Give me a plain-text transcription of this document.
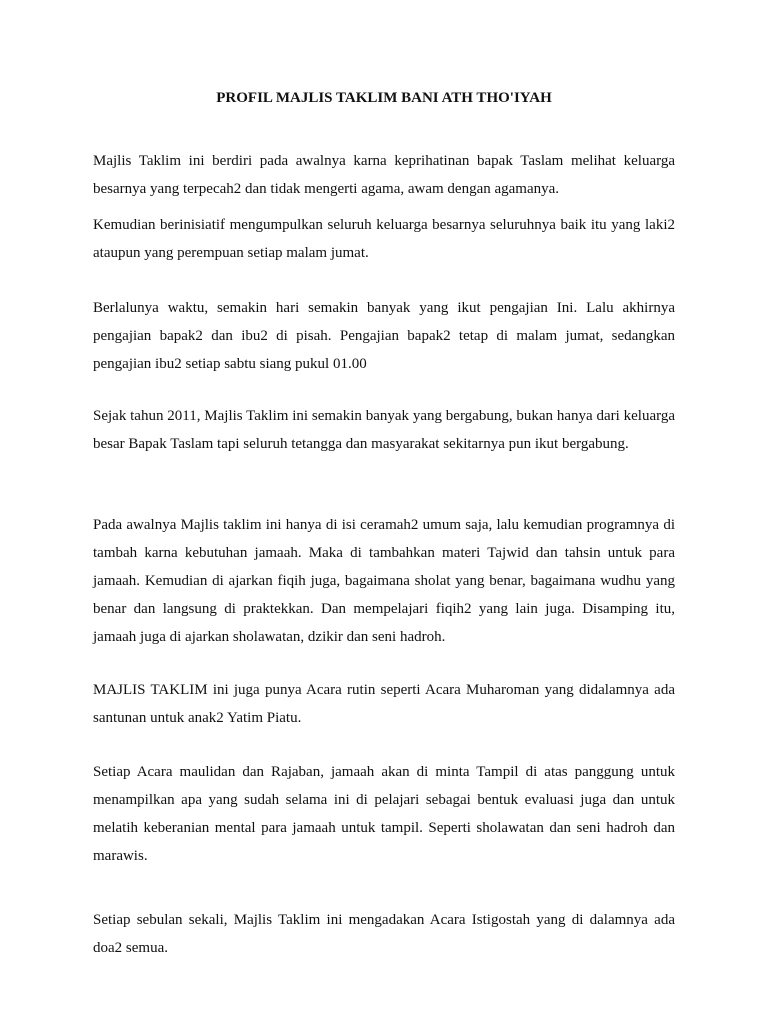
PROFIL MAJLIS TAKLIM BANI ATH THO'IYAH

Majlis Taklim ini berdiri pada awalnya karna keprihatinan bapak Taslam melihat keluarga besarnya yang terpecah2 dan tidak mengerti agama, awam dengan agamanya.

Kemudian berinisiatif mengumpulkan seluruh keluarga besarnya seluruhnya baik itu yang laki2 ataupun yang perempuan setiap malam jumat.

Berlalunya waktu, semakin hari semakin banyak yang ikut pengajian Ini. Lalu akhirnya pengajian bapak2 dan ibu2 di pisah. Pengajian bapak2 tetap di malam jumat, sedangkan pengajian ibu2 setiap sabtu siang pukul 01.00

Sejak tahun 2011, Majlis Taklim ini semakin banyak yang bergabung, bukan hanya dari keluarga besar Bapak Taslam tapi seluruh tetangga dan masyarakat sekitarnya pun ikut bergabung.

Pada awalnya Majlis taklim ini hanya di isi ceramah2 umum saja, lalu kemudian programnya di tambah karna kebutuhan jamaah. Maka di tambahkan materi Tajwid dan tahsin untuk para jamaah. Kemudian di ajarkan fiqih juga, bagaimana sholat yang benar, bagaimana wudhu yang benar dan langsung di praktekkan. Dan mempelajari fiqih2 yang lain juga. Disamping itu, jamaah juga di ajarkan sholawatan, dzikir dan seni hadroh.

MAJLIS TAKLIM ini juga punya Acara rutin seperti Acara Muharoman yang didalamnya ada santunan untuk anak2 Yatim Piatu.

Setiap Acara maulidan dan Rajaban, jamaah akan di minta Tampil di atas panggung untuk menampilkan apa yang sudah selama ini di pelajari sebagai bentuk evaluasi juga dan untuk melatih keberanian mental para jamaah untuk tampil. Seperti sholawatan dan seni hadroh dan marawis.

Setiap sebulan sekali, Majlis Taklim ini mengadakan Acara Istigostah yang di dalamnya ada doa2 semua.
